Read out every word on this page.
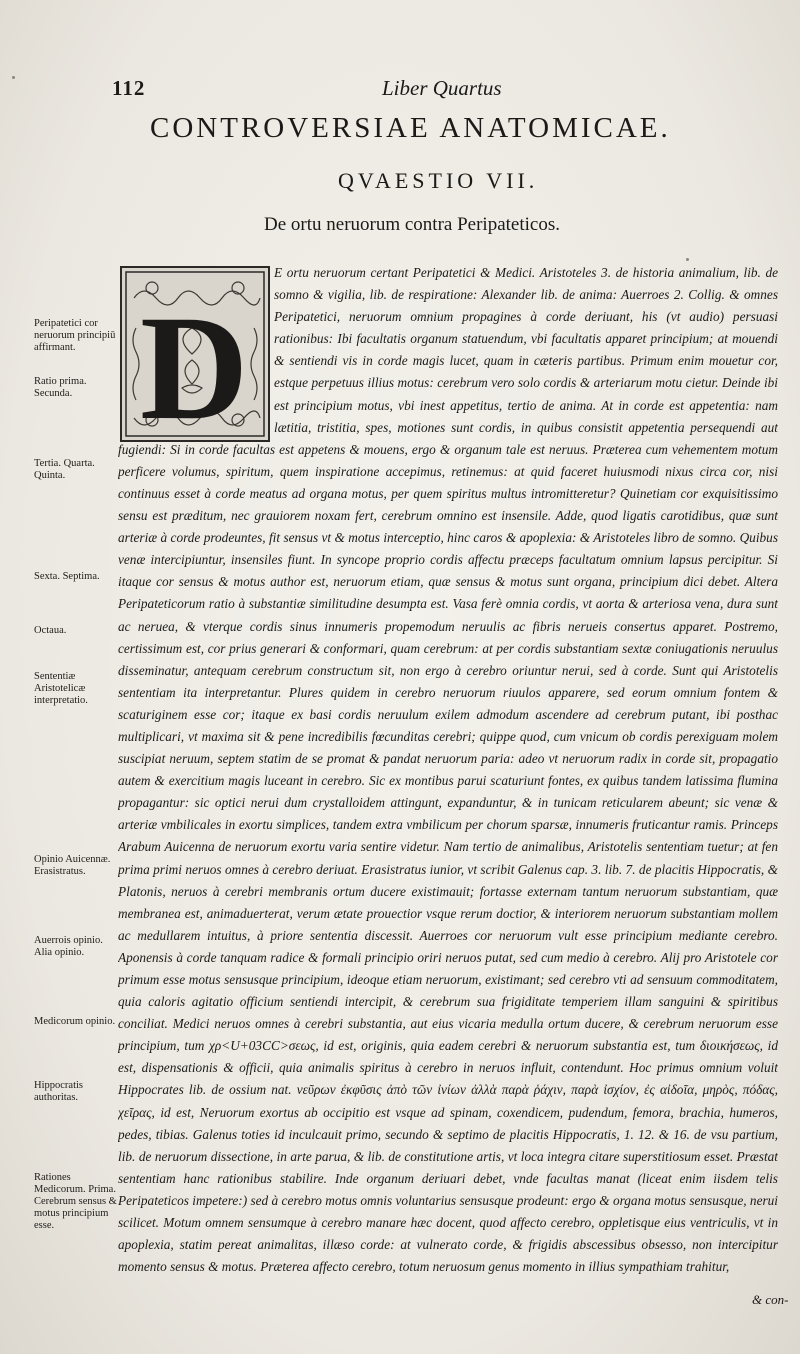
112	Liber Quartus
CONTROVERSIAE ANATOMICAE.
QVAESTIO VII.
De ortu neruorum contra Peripateticos.
D
E ortu neruorum certant Peripatetici & Medici. Aristoteles 3. de historia animalium, lib. de somno & vigilia, lib. de respiratione: Alexander lib. de anima: Auerroes 2. Collig. & omnes Peripatetici, neruorum omnium propagines à corde deriuant, his (vt audio) persuasi rationibus: Ibi facultatis organum statuendum, vbi facultatis apparet principium; at mouendi & sentiendi vis in corde magis lucet, quam in cæteris partibus. Primum enim mouetur cor, estque perpetuus illius motus: cerebrum vero solo cordis & arteriarum motu cietur. Deinde ibi est principium motus, vbi inest appetitus, tertio de anima. At in corde est appetentia: nam lætitia, tristitia, spes, motiones sunt cordis, in quibus consistit appetentia persequendi aut fugiendi: Si in corde facultas est appetens & mouens, ergo & organum tale est neruus. Præterea cum vehementem motum perficere volumus, spiritum, quem inspiratione accepimus, retinemus: at quid faceret huiusmodi nixus circa cor, nisi continuus esset à corde meatus ad organa motus, per quem spiritus multus intromitteretur? Quinetiam cor exquisitissimo sensu est præditum, nec grauiorem noxam fert, cerebrum omnino est insensile. Adde, quod ligatis carotidibus, quæ sunt arteriæ à corde prodeuntes, fit sensus vt & motus interceptio, hinc caros & apoplexia: & Aristoteles libro de somno. Quibus venæ intercipiuntur, insensiles fiunt. In syncope proprio cordis affectu præceps facultatum omnium lapsus percipitur. Si itaque cor sensus & motus author est, neruorum etiam, quæ sensus & motus sunt organa, principium dici debet. Altera Peripateticorum ratio à substantiæ similitudine desumpta est. Vasa ferè omnia cordis, vt aorta & arteriosa vena, dura sunt ac neruea, & vterque cordis sinus innumeris propemodum neruulis ac fibris nerueis consertus apparet. Postremo, certissimum est, cor prius generari & conformari, quam cerebrum: at per cordis substantiam sextæ coniugationis neruulus disseminatur, antequam cerebrum constructum sit, non ergo à cerebro oriuntur nerui, sed à corde. Sunt qui Aristotelis sententiam ita interpretantur. Plures quidem in cerebro neruorum riuulos apparere, sed eorum omnium fontem & scaturiginem esse cor; itaque ex basi cordis neruulum exilem admodum ascendere ad cerebrum putant, ibi posthac multiplicari, vt maxima sit & pene incredibilis fœcunditas cerebri; quippe quod, cum vnicum ob cordis perexiguam molem suscipiat neruum, septem statim de se promat & pandat neruorum paria: adeo vt neruorum radix in corde sit, propagatio autem & exercitium magis luceant in cerebro. Sic ex montibus parui scaturiunt fontes, ex quibus tandem latissima flumina propagantur: sic optici nerui dum crystalloidem attingunt, expanduntur, & in tunicam reticularem abeunt; sic venæ & arteriæ vmbilicales in exortu simplices, tandem extra vmbilicum per chorum sparsæ, innumeris fruticantur ramis. Princeps Arabum Auicenna de neruorum exortu varia sentire videtur. Nam tertio de animalibus, Aristotelis sententiam tuetur; at fen prima primi neruos omnes à cerebro deriuat. Erasistratus iunior, vt scribit Galenus cap. 3. lib. 7. de placitis Hippocratis, & Platonis, neruos à cerebri membranis ortum ducere existimauit; fortasse externam tantum neruorum substantiam, quæ membranea est, animaduerterat, verum ætate prouectior vsque rerum doctior, & interiorem neruorum substantiam mollem ac medullarem intuitus, à priore sententia discessit. Auerroes cor neruorum vult esse principium mediante cerebro. Aponensis à corde tanquam radice & formali principio oriri neruos putat, sed cum medio à cerebro. Alij pro Aristotele cor primum esse motus sensusque principium, ideoque etiam neruorum, existimant; sed cerebro vti ad sensuum commoditatem, quia caloris agitatio officium sentiendi intercipit, & cerebrum sua frigiditate temperiem illam sanguini & spiritibus conciliat. Medici neruos omnes à cerebri substantia, aut eius vicaria medulla ortum ducere, & cerebrum neruorum esse principium, tum χρ<U+03CC>σεως, id est, originis, quia eadem cerebri & neruorum substantia est, tum διοικήσεως, id est, dispensationis & officii, quia animalis spiritus à cerebro in neruos influit, contendunt. Hoc primus omnium voluit Hippocrates lib. de ossium nat. νεῦρων ἐκφῦσις ἀπὸ τῶν ἰνίων ἀλλὰ παρὰ ῥάχιν, παρὰ ἰσχίον, ἐς αἰδοῖα, μηρὸς, πόδας, χεῖρας, id est, Neruorum exortus ab occipitio est vsque ad spinam, coxendicem, pudendum, femora, brachia, humeros, pedes, tibias. Galenus toties id inculcauit primo, secundo & septimo de placitis Hippocratis, 1. 12. & 16. de vsu partium, lib. de neruorum dissectione, in arte parua, & lib. de constitutione artis, vt loca integra citare superstitiosum esset. Præstat sententiam hanc rationibus stabilire. Inde organum deriuari debet, vnde facultas manat (liceat enim iisdem telis Peripateticos impetere:) sed à cerebro motus omnis voluntarius sensusque prodeunt: ergo & organa motus sensusque, nerui scilicet. Motum omnem sensumque à cerebro manare hæc docent, quod affecto cerebro, oppletisque eius ventriculis, vt in apoplexia, statim pereat animalitas, illæso corde: at vulnerato corde, & frigidis abscessibus obsesso, non intercipitur momento sensus & motus. Præterea affecto cerebro, totum neruosum genus momento in illius sympathiam trahitur,
Peripatetici cor neruorum principiū affirmant.
Ratio prima. Secunda.
Tertia. Quarta. Quinta.
Sexta. Septima.
Octaua.
Sententiæ Aristotelicæ interpretatio.
Opinio Auicennæ. Erasistratus.
Auerrois opinio. Alia opinio.
Medicorum opinio.
Hippocratis authoritas.
Rationes Medicorum. Prima. Cerebrum sensus & motus principium esse.
& con-
